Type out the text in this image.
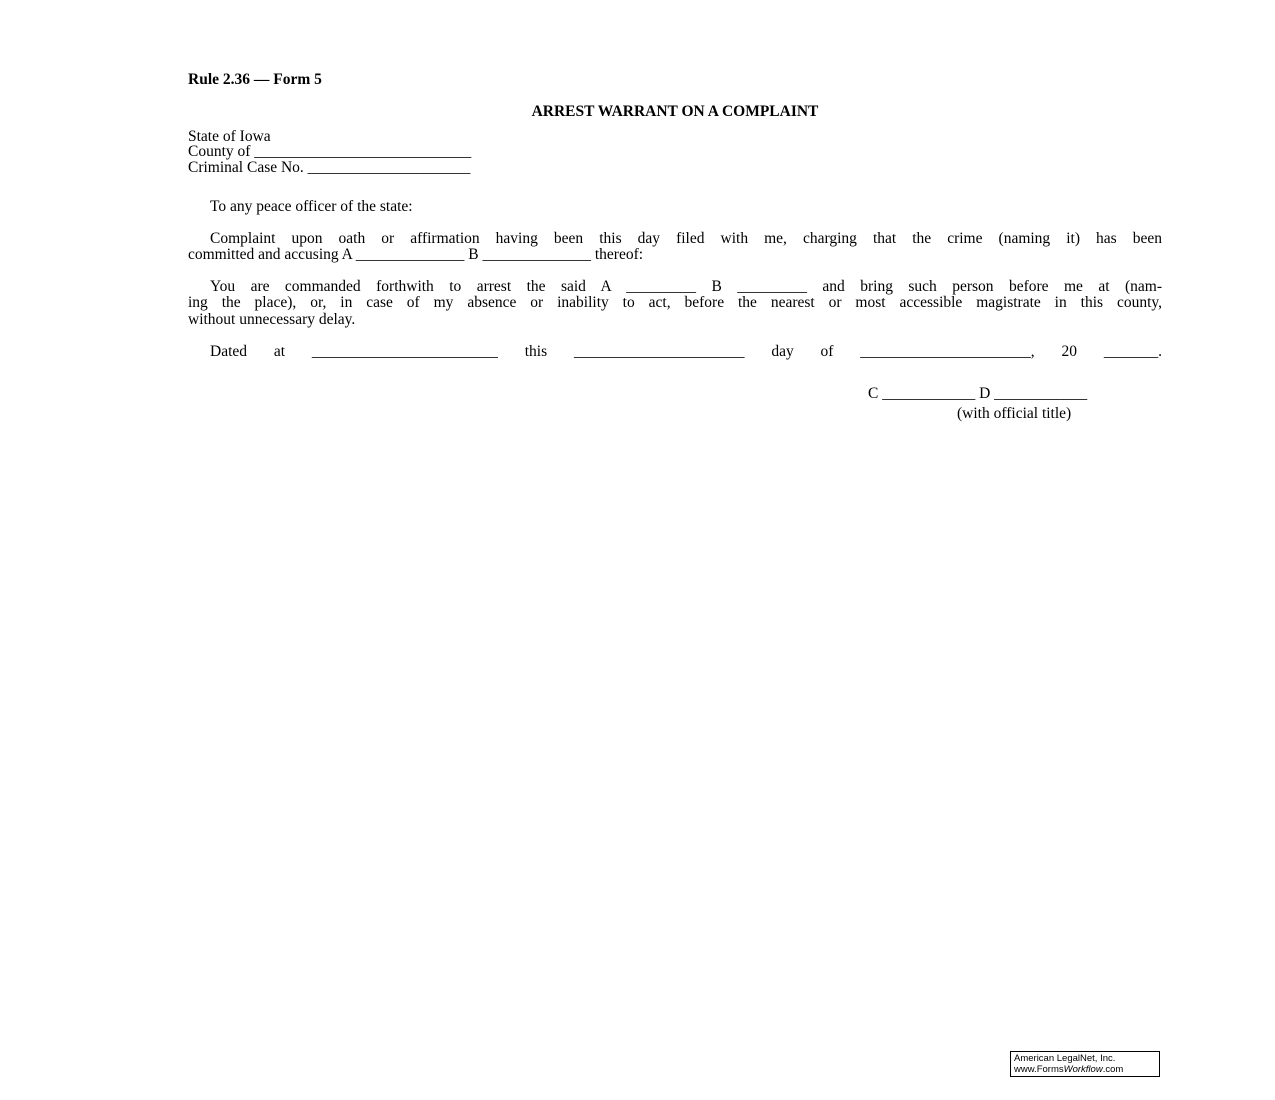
Rule 2.36 — Form 5
ARREST WARRANT ON A COMPLAINT
State of Iowa
County of ____________________________
Criminal Case No. _____________________
To any peace officer of the state:
Complaint upon oath or affirmation having been this day filed with me, charging that the crime (naming it) has been
committed and accusing A ______________ B ______________ thereof:
You are commanded forthwith to arrest the said A _________ B _________ and bring such person before me at (nam-
ing the place), or, in case of my absence or inability to act, before the nearest or most accessible magistrate in this county,
without unnecessary delay.
Dated at ________________________ this ______________________ day of ______________________, 20 _______.
C ____________ D ____________
(with official title)
American LegalNet, Inc.
www.FormsWorkflow.com
